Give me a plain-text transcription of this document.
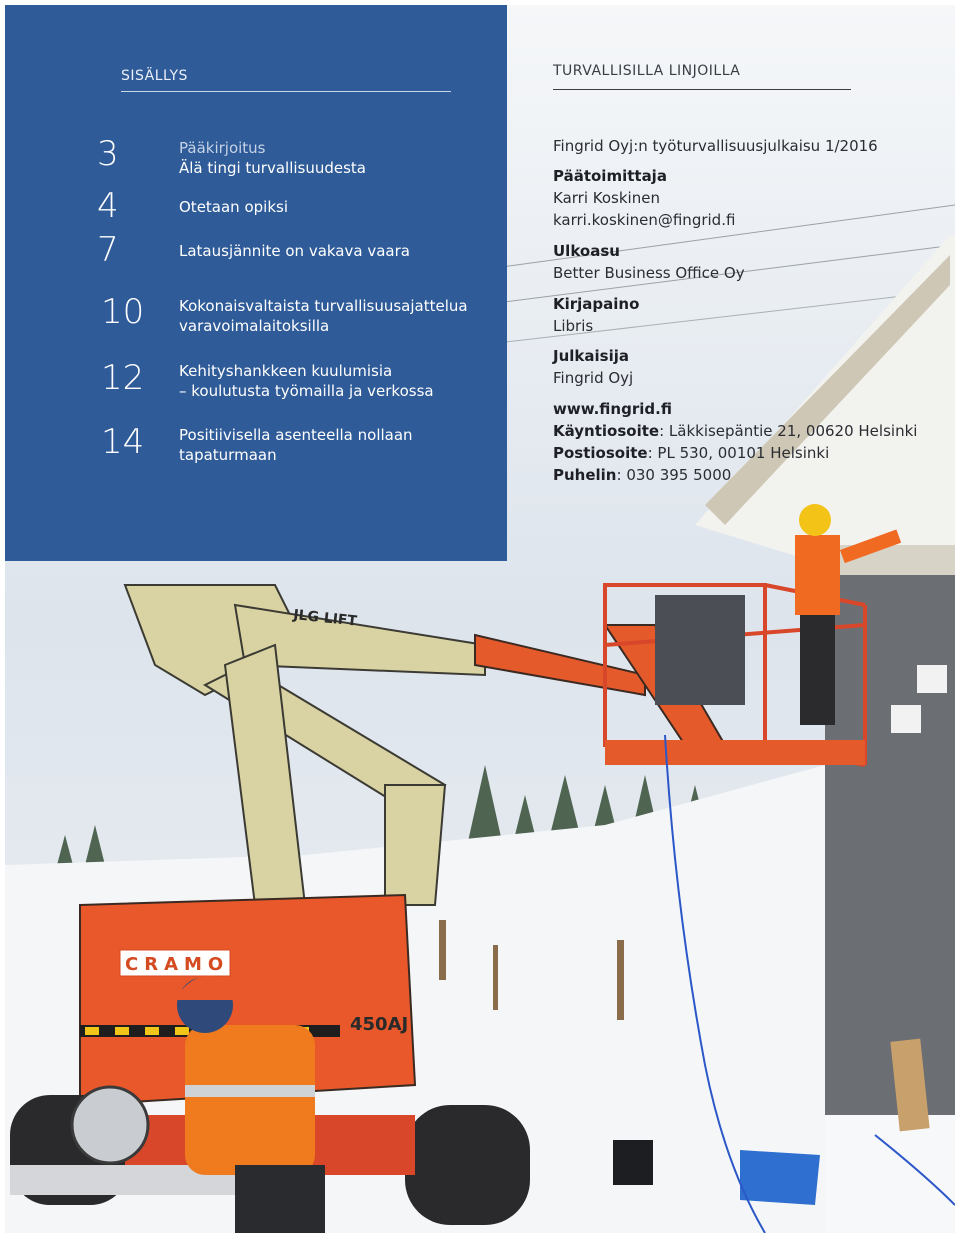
JLG LIFT
CRAMO
450AJ
SISÄLLYS
3	Pääkirjoitus
Älä tingi turvallisuudesta
4	Otetaan opiksi
7	Latausjännite on vakava vaara
10	Kokonaisvaltaista turvallisuusajattelua
varavoimalaitoksilla
12	Kehityshankkeen kuulumisia
– koulutusta työmailla ja verkossa
14	Positiivisella asenteella nollaan
tapaturmaan
TURVALLISILLA LINJOILLA
Fingrid Oyj:n työturvallisuusjulkaisu 1/2016
Päätoimittaja
Karri Koskinen
karri.koskinen@fingrid.fi
Ulkoasu
Better Business Office Oy
Kirjapaino
Libris
Julkaisija
Fingrid Oyj
www.fingrid.fi
Käyntiosoite: Läkkisepäntie 21, 00620 Helsinki
Postiosoite: PL 530, 00101 Helsinki
Puhelin: 030 395 5000
